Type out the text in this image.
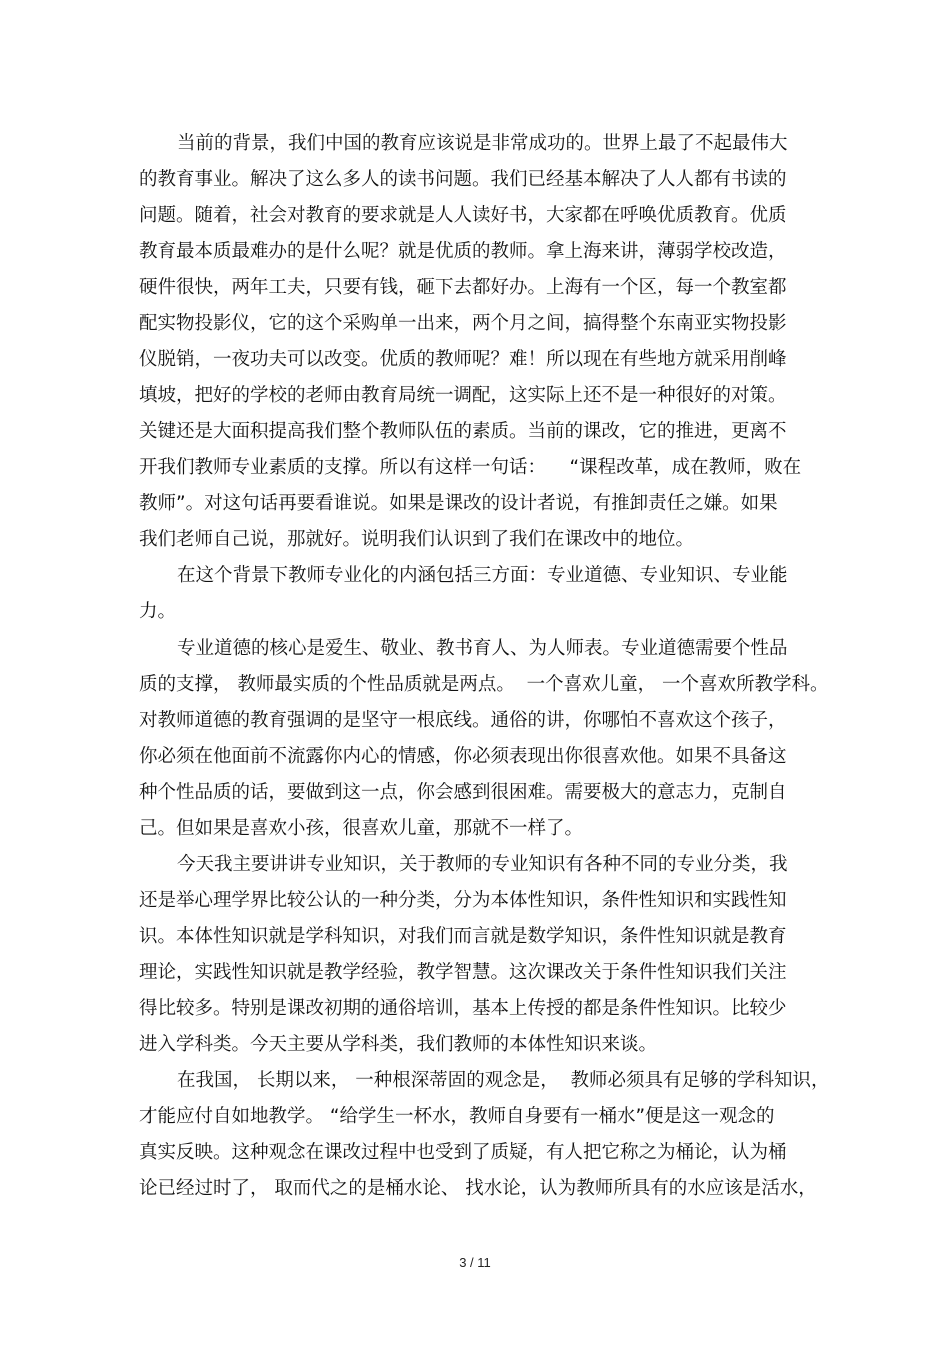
当前的背景，我们中国的教育应该说是非常成功的。世界上最了不起最伟大
的教育事业。解决了这么多人的读书问题。我们已经基本解决了人人都有书读的
问题。随着，社会对教育的要求就是人人读好书，大家都在呼唤优质教育。优质
教育最本质最难办的是什么呢？就是优质的教师。拿上海来讲，薄弱学校改造，
硬件很快，两年工夫，只要有钱，砸下去都好办。上海有一个区，每一个教室都
配实物投影仪，它的这个采购单一出来，两个月之间，搞得整个东南亚实物投影
仪脱销，一夜功夫可以改变。优质的教师呢？难！所以现在有些地方就采用削峰
填坡，把好的学校的老师由教育局统一调配，这实际上还不是一种很好的对策。
关键还是大面积提高我们整个教师队伍的素质。当前的课改，它的推进，更离不
开我们教师专业素质的支撑。所以有这样一句话：    “课程改革，成在教师，败在
教师”。对这句话再要看谁说。如果是课改的设计者说，有推卸责任之嫌。如果
我们老师自己说，那就好。说明我们认识到了我们在课改中的地位。
在这个背景下教师专业化的内涵包括三方面：专业道德、专业知识、专业能
力。
专业道德的核心是爱生、敬业、教书育人、为人师表。专业道德需要个性品
质的支撑， 教师最实质的个性品质就是两点。  一个喜欢儿童， 一个喜欢所教学科。
对教师道德的教育强调的是坚守一根底线。通俗的讲，你哪怕不喜欢这个孩子，
你必须在他面前不流露你内心的情感，你必须表现出你很喜欢他。如果不具备这
种个性品质的话，要做到这一点，你会感到很困难。需要极大的意志力，克制自
己。但如果是喜欢小孩，很喜欢儿童，那就不一样了。
今天我主要讲讲专业知识，关于教师的专业知识有各种不同的专业分类，我
还是举心理学界比较公认的一种分类，分为本体性知识，条件性知识和实践性知
识。本体性知识就是学科知识，对我们而言就是数学知识，条件性知识就是教育
理论，实践性知识就是教学经验，教学智慧。这次课改关于条件性知识我们关注
得比较多。特别是课改初期的通俗培训，基本上传授的都是条件性知识。比较少
进入学科类。今天主要从学科类，我们教师的本体性知识来谈。
在我国， 长期以来， 一种根深蒂固的观念是，  教师必须具有足够的学科知识，
才能应付自如地教学。 “给学生一杯水，教师自身要有一桶水”便是这一观念的
真实反映。这种观念在课改过程中也受到了质疑，有人把它称之为桶论，认为桶
论已经过时了， 取而代之的是桶水论、 找水论，认为教师所具有的水应该是活水，
3 / 11
